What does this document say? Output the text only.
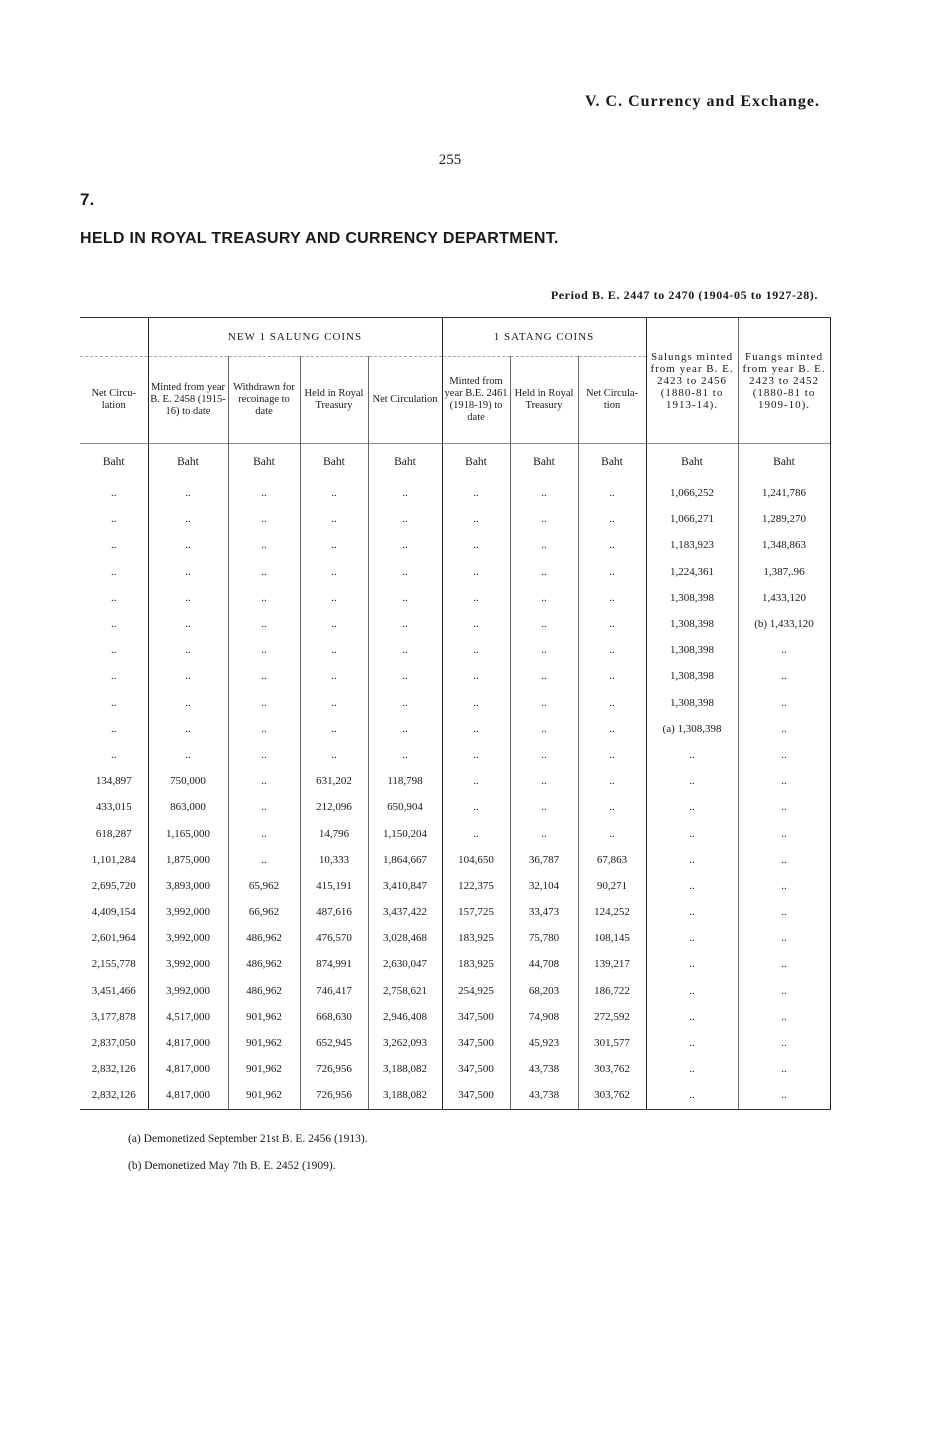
V. C. Currency and Exchange.
255
7.
HELD IN ROYAL TREASURY AND CURRENCY DEPARTMENT.
Period B. E. 2447 to 2470 (1904-05 to 1927-28).
	NEW 1 SALUNG COINS				1 SATANG COINS			Salungs minted from year B. E. 2423 to 2456 (1880-81 to 1913-14).	Fuangs minted from year B. E. 2423 to 2452 (1880-81 to 1909-10).
Net Circu-lation	Minted from year B. E. 2458 (1915-16) to date	Withdrawn for recoinage to date	Held in Royal Treasury	Net Circulation	Minted from year B.E. 2461 (1918-19) to date	Held in Royal Treasury	Net Circula-tion		
Baht	Baht	Baht	Baht	Baht	Baht	Baht	Baht	Baht	Baht
..	..	..	..	..	..	..	..	1,066,252	1,241,786
..	..	..	..	..	..	..	..	1,066,271	1,289,270
..	..	..	..	..	..	..	..	1,183,923	1,348,863
..	..	..	..	..	..	..	..	1,224,361	1,387,.96
..	..	..	..	..	..	..	..	1,308,398	1,433,120
..	..	..	..	..	..	..	..	1,308,398	(b) 1,433,120
..	..	..	..	..	..	..	..	1,308,398	..
..	..	..	..	..	..	..	..	1,308,398	..
..	..	..	..	..	..	..	..	1,308,398	..
..	..	..	..	..	..	..	..	(a) 1,308,398	..
..	..	..	..	..	..	..	..	..	..
134,897	750,000	..	631,202	118,798	..	..	..	..	..
433,015	863,000	..	212,096	650,904	..	..	..	..	..
618,287	1,165,000	..	14,796	1,150,204	..	..	..	..	..
1,101,284	1,875,000	..	10,333	1,864,667	104,650	36,787	67,863	..	..
2,695,720	3,893,000	65,962	415,191	3,410,847	122,375	32,104	90,271	..	..
4,409,154	3,992,000	66,962	487,616	3,437,422	157,725	33,473	124,252	..	..
2,601,964	3,992,000	486,962	476,570	3,028,468	183,925	75,780	108,145	..	..
2,155,778	3,992,000	486,962	874,991	2,630,047	183,925	44,708	139,217	..	..
3,451,466	3,992,000	486,962	746,417	2,758,621	254,925	68,203	186,722	..	..
3,177,878	4,517,000	901,962	668,630	2,946,408	347,500	74,908	272,592	..	..
2,837,050	4,817,000	901,962	652,945	3,262,093	347,500	45,923	301,577	..	..
2,832,126	4,817,000	901,962	726,956	3,188,082	347,500	43,738	303,762	..	..
2,832,126	4,817,000	901,962	726,956	3,188,082	347,500	43,738	303,762	..	..
(a) Demonetized September 21st B. E. 2456 (1913).
(b) Demonetized May 7th B. E. 2452 (1909).
